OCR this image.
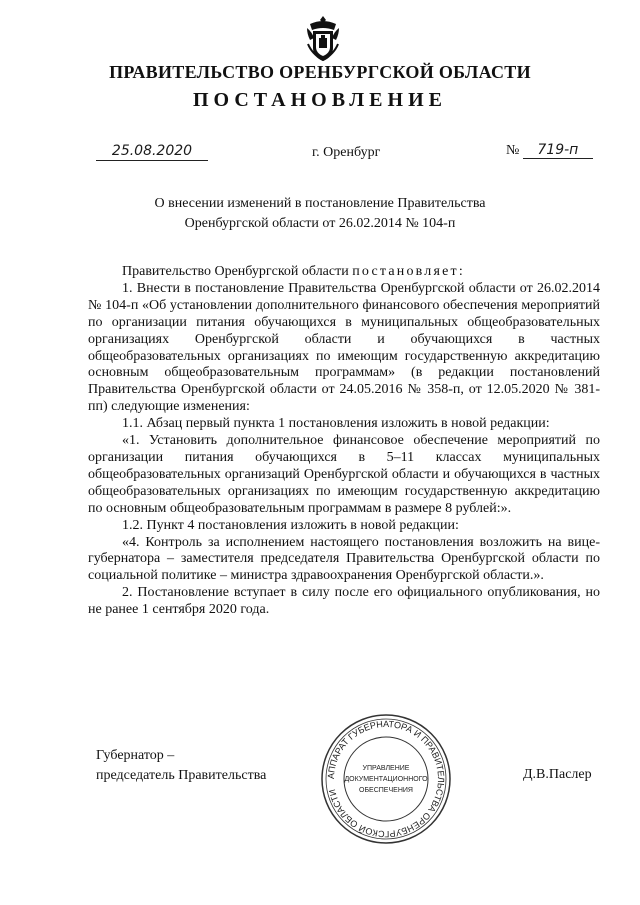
ПРАВИТЕЛЬСТВО ОРЕНБУРГСКОЙ ОБЛАСТИ
ПОСТАНОВЛЕНИЕ
25.08.2020	г. Оренбург	№ 719-п
О внесении изменений в постановление Правительства
Оренбургской области от 26.02.2014 № 104-п

Правительство Оренбургской области постановляет:

1. Внести в постановление Правительства Оренбургской области от 26.02.2014 № 104-п «Об установлении дополнительного финансового обеспечения мероприятий по организации питания обучающихся в муниципальных общеобразовательных организациях Оренбургской области и обучающихся в частных общеобразовательных организациях по имеющим государственную аккредитацию основным общеобразовательным программам» (в редакции постановлений Правительства Оренбургской области от 24.05.2016 № 358-п, от 12.05.2020 № 381-пп) следующие изменения:

1.1. Абзац первый пункта 1 постановления изложить в новой редакции:

«1. Установить дополнительное финансовое обеспечение мероприятий по организации питания обучающихся в 5–11 классах муниципальных общеобразовательных организаций Оренбургской области и обучающихся в частных общеобразовательных организациях по имеющим государственную аккредитацию по основным общеобразовательным программам в размере 8 рублей:».

1.2. Пункт 4 постановления изложить в новой редакции:

«4. Контроль за исполнением настоящего постановления возложить на вице-губернатора – заместителя председателя Правительства Оренбургской области по социальной политике – министра здравоохранения Оренбургской области.».

2. Постановление вступает в силу после его официального опубликования, но не ранее 1 сентября 2020 года.

Губернатор –
председатель Правительства	Д.В.Паслер
АППАРАТ ГУБЕРНАТОРА И ПРАВИТЕЛЬСТВА ОРЕНБУРГСКОЙ ОБЛАСТИ
УПРАВЛЕНИЕ
ДОКУМЕНТАЦИОННОГО
ОБЕСПЕЧЕНИЯ
